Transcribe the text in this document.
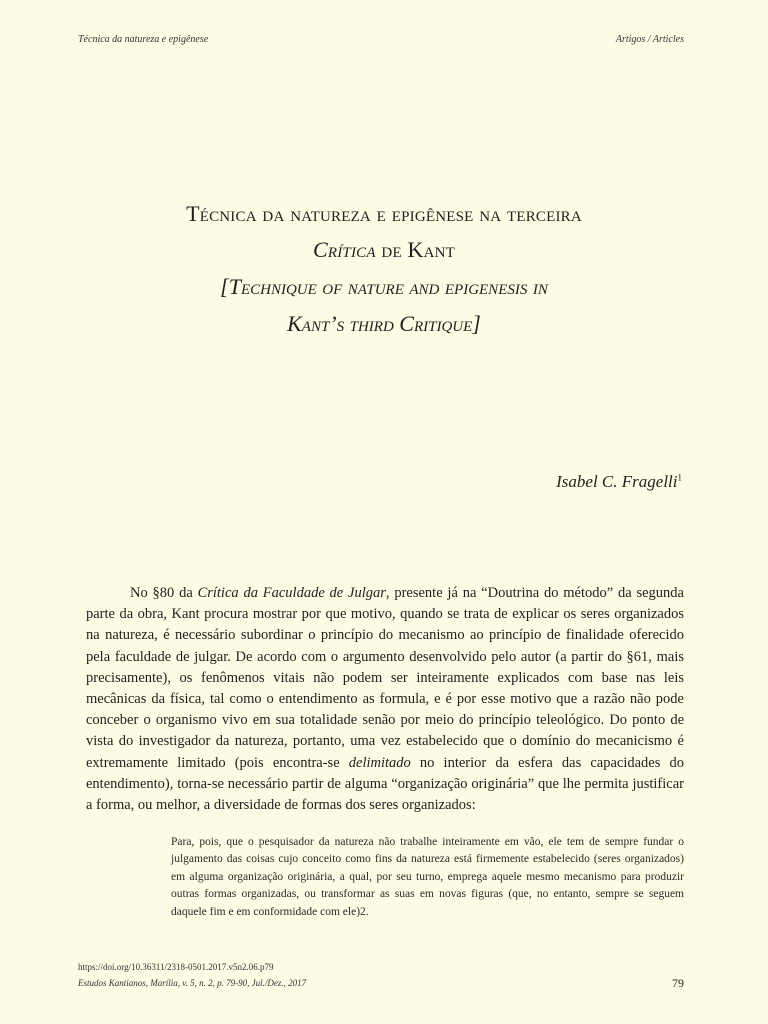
Técnica da natureza e epigênese	Artigos / Articles

Técnica da natureza e epigênese na terceira

Crítica de Kant

[Technique of nature and epigenesis in

Kant’s third Critique]

Isabel C. Fragelli$^1$

No §80 da Crítica da Faculdade de Julgar, presente já na “Doutrina do método” da segunda parte da obra, Kant procura mostrar por que motivo, quando se trata de explicar os seres organizados na natureza, é necessário subordinar o princípio do mecanismo ao princípio de finalidade oferecido pela faculdade de julgar. De acordo com o argumento desenvolvido pelo autor (a partir do §61, mais precisamente), os fenômenos vitais não podem ser inteiramente explicados com base nas leis mecânicas da física, tal como o entendimento as formula, e é por esse motivo que a razão não pode conceber o organismo vivo em sua totalidade senão por meio do princípio teleológico. Do ponto de vista do investigador da natureza, portanto, uma vez estabelecido que o domínio do mecanicismo é extremamente limitado (pois encontra-se delimitado no interior da esfera das capacidades do entendimento), torna-se necessário partir de alguma “organização originária” que lhe permita justificar a forma, ou melhor, a diversidade de formas dos seres organizados:

Para, pois, que o pesquisador da natureza não trabalhe inteiramente em vão, ele tem de sempre fundar o julgamento das coisas cujo conceito como fins da natureza está firmemente estabelecido (seres organizados) em alguma organização originária, a qual, por seu turno, emprega aquele mesmo mecanismo para produzir outras formas organizadas, ou transformar as suas em novas figuras (que, no entanto, sempre se seguem daquele fim e em conformidade com ele)2.

https://doi.org/10.36311/2318-0501.2017.v5n2.06.p79
Estudos Kantianos, Marília, v. 5, n. 2, p. 79-90, Jul./Dez., 2017	79
